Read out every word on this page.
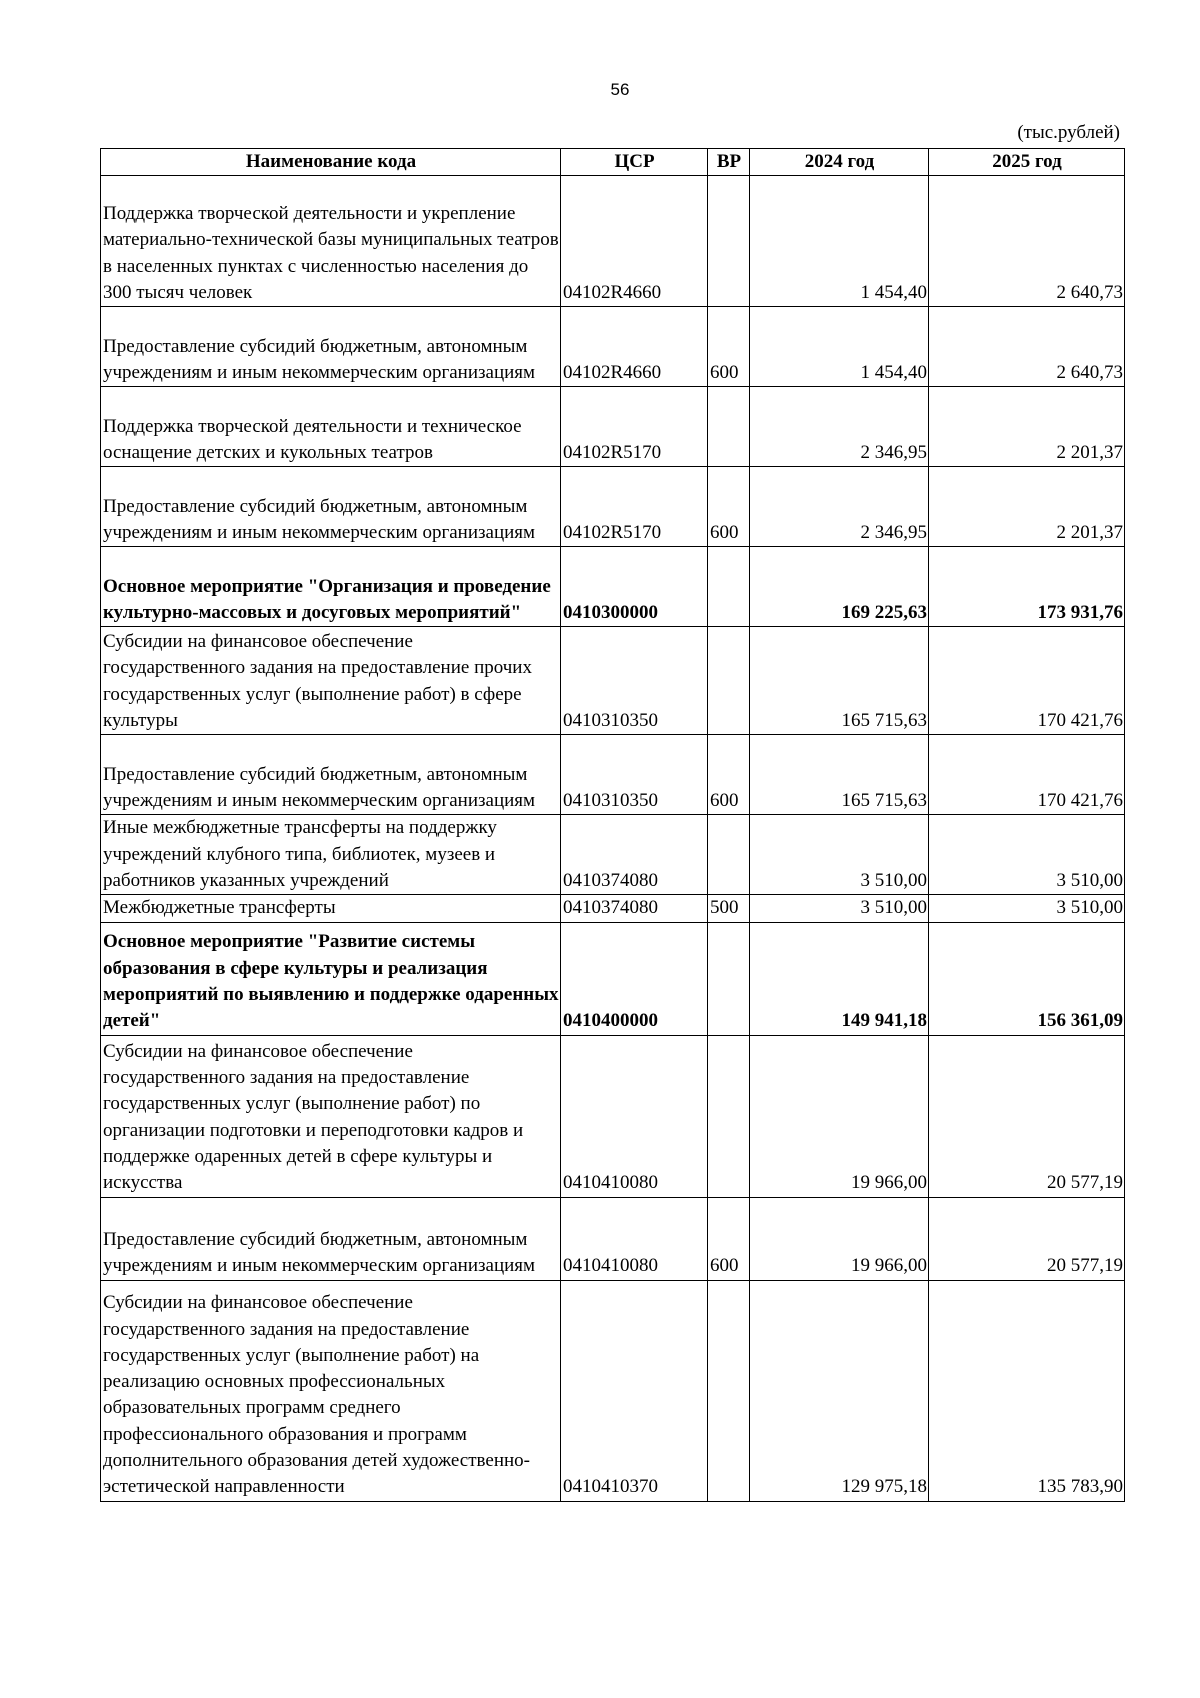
56
(тыс.рублей)
Наименование кода	ЦСР	ВР	2024 год	2025 год
Поддержка творческой деятельности и укрепление материально-технической базы муниципальных театров в населенных пунктах с численностью населения до 300 тысяч человек	04102R4660		1 454,40	2 640,73
Предоставление субсидий бюджетным, автономным учреждениям и иным некоммерческим организациям	04102R4660	600	1 454,40	2 640,73
Поддержка творческой деятельности и техническое оснащение детских и кукольных театров	04102R5170		2 346,95	2 201,37
Предоставление субсидий бюджетным, автономным учреждениям и иным некоммерческим организациям	04102R5170	600	2 346,95	2 201,37
Основное мероприятие "Организация и проведение культурно-массовых и досуговых мероприятий"	0410300000		169 225,63	173 931,76
Субсидии на финансовое обеспечение государственного задания на предоставление прочих государственных услуг (выполнение работ) в сфере культуры	0410310350		165 715,63	170 421,76
Предоставление субсидий бюджетным, автономным учреждениям и иным некоммерческим организациям	0410310350	600	165 715,63	170 421,76
Иные межбюджетные трансферты на поддержку учреждений клубного типа, библиотек, музеев и работников указанных учреждений	0410374080		3 510,00	3 510,00
Межбюджетные трансферты	0410374080	500	3 510,00	3 510,00
Основное мероприятие "Развитие системы образования в сфере культуры и реализация мероприятий по выявлению и поддержке одаренных детей"	0410400000		149 941,18	156 361,09
Субсидии на финансовое обеспечение государственного задания на предоставление государственных услуг (выполнение работ) по организации подготовки и переподготовки кадров и поддержке одаренных детей в сфере культуры и искусства	0410410080		19 966,00	20 577,19
Предоставление субсидий бюджетным, автономным учреждениям и иным некоммерческим организациям	0410410080	600	19 966,00	20 577,19
Субсидии на финансовое обеспечение государственного задания на предоставление государственных услуг (выполнение работ) на реализацию основных профессиональных образовательных программ среднего профессионального образования и программ дополнительного образования детей художественно-эстетической направленности	0410410370		129 975,18	135 783,90
